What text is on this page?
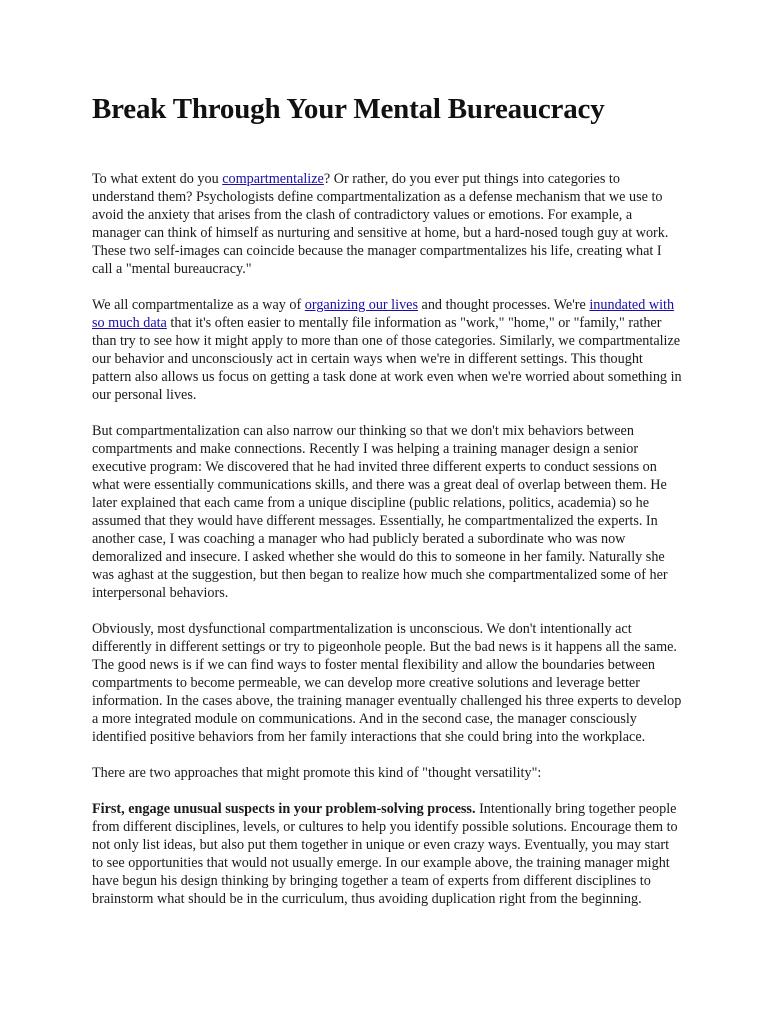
Break Through Your Mental Bureaucracy

To what extent do you compartmentalize? Or rather, do you ever put things into categories to understand them? Psychologists define compartmentalization as a defense mechanism that we use to avoid the anxiety that arises from the clash of contradictory values or emotions. For example, a manager can think of himself as nurturing and sensitive at home, but a hard-nosed tough guy at work. These two self-images can coincide because the manager compartmentalizes his life, creating what I call a "mental bureaucracy."

We all compartmentalize as a way of organizing our lives and thought processes. We're inundated with so much data that it's often easier to mentally file information as "work," "home," or "family," rather than try to see how it might apply to more than one of those categories. Similarly, we compartmentalize our behavior and unconsciously act in certain ways when we're in different settings. This thought pattern also allows us focus on getting a task done at work even when we're worried about something in our personal lives.

But compartmentalization can also narrow our thinking so that we don't mix behaviors between compartments and make connections. Recently I was helping a training manager design a senior executive program: We discovered that he had invited three different experts to conduct sessions on what were essentially communications skills, and there was a great deal of overlap between them. He later explained that each came from a unique discipline (public relations, politics, academia) so he assumed that they would have different messages. Essentially, he compartmentalized the experts. In another case, I was coaching a manager who had publicly berated a subordinate who was now demoralized and insecure. I asked whether she would do this to someone in her family. Naturally she was aghast at the suggestion, but then began to realize how much she compartmentalized some of her interpersonal behaviors.

Obviously, most dysfunctional compartmentalization is unconscious. We don't intentionally act differently in different settings or try to pigeonhole people. But the bad news is it happens all the same. The good news is if we can find ways to foster mental flexibility and allow the boundaries between compartments to become permeable, we can develop more creative solutions and leverage better information. In the cases above, the training manager eventually challenged his three experts to develop a more integrated module on communications. And in the second case, the manager consciously identified positive behaviors from her family interactions that she could bring into the workplace.

There are two approaches that might promote this kind of "thought versatility":

First, engage unusual suspects in your problem-solving process. Intentionally bring together people from different disciplines, levels, or cultures to help you identify possible solutions. Encourage them to not only list ideas, but also put them together in unique or even crazy ways. Eventually, you may start to see opportunities that would not usually emerge. In our example above, the training manager might have begun his design thinking by bringing together a team of experts from different disciplines to brainstorm what should be in the curriculum, thus avoiding duplication right from the beginning.
